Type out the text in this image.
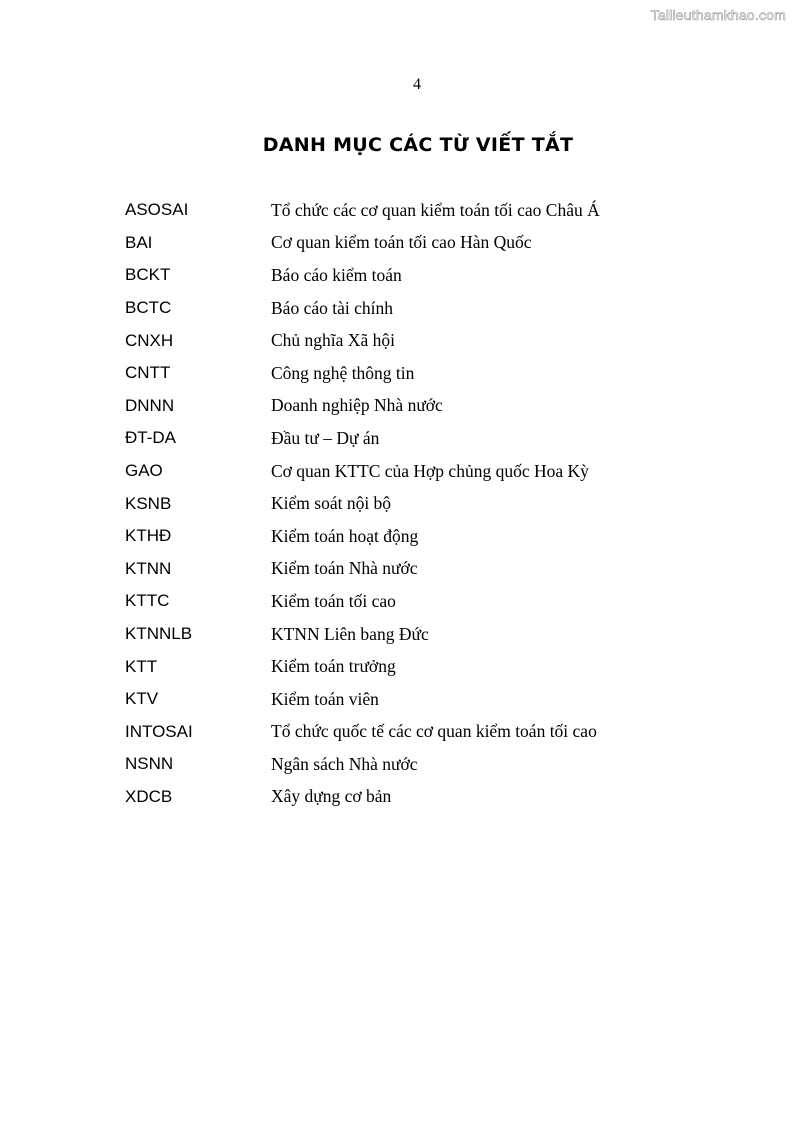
Tailieuthamkhao.com
4
DANH MỤC CÁC TỪ VIẾT TẮT
ASOSAI	Tổ chức các cơ quan kiểm toán tối cao Châu Á
BAI	Cơ quan kiểm toán tối cao Hàn Quốc
BCKT	Báo cáo kiểm toán
BCTC	Báo cáo tài chính
CNXH	Chủ nghĩa Xã hội
CNTT	Công nghệ thông tin
DNNN	Doanh nghiệp Nhà nước
ĐT-DA	Đầu tư – Dự án
GAO	Cơ quan KTTC của Hợp chủng quốc Hoa Kỳ
KSNB	Kiểm soát nội bộ
KTHĐ	Kiểm toán hoạt động
KTNN	Kiểm toán Nhà nước
KTTC	Kiểm toán tối cao
KTNNLB	KTNN Liên bang Đức
KTT	Kiểm toán trưởng
KTV	Kiểm toán viên
INTOSAI	Tổ chức quốc tế các cơ quan kiểm toán tối cao
NSNN	Ngân sách Nhà nước
XDCB	Xây dựng cơ bản
